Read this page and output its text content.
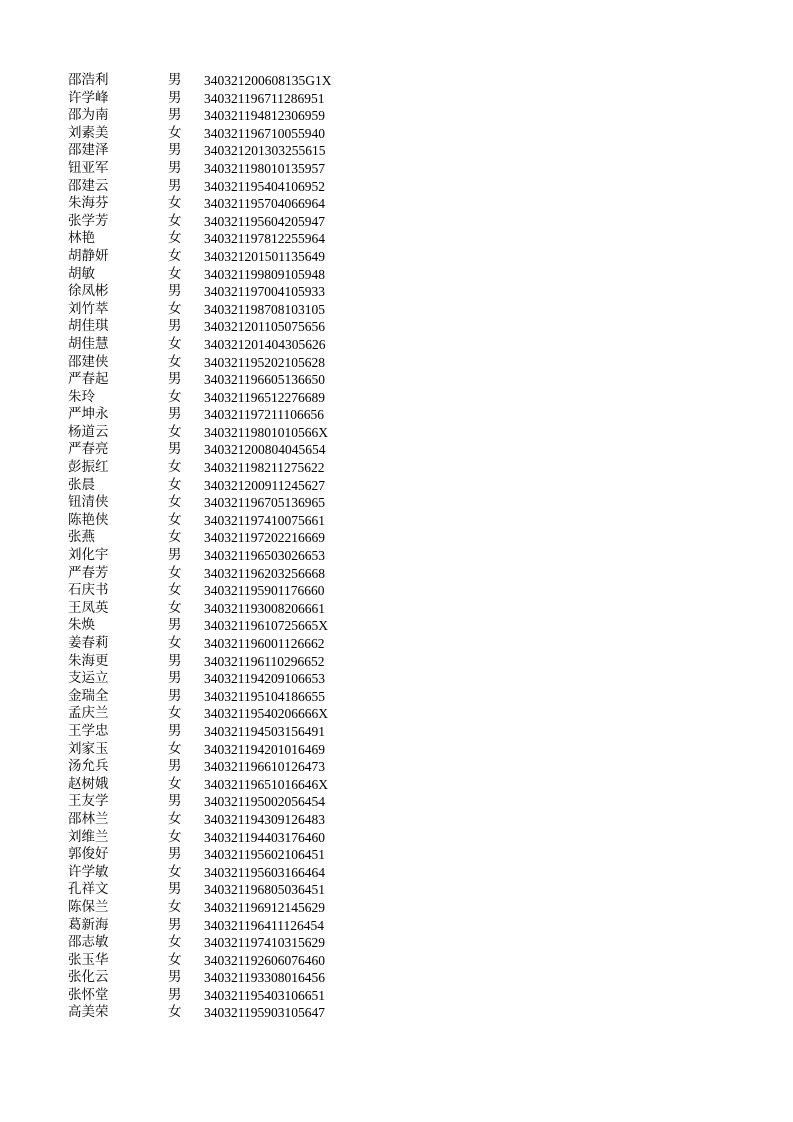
邵浩利	男	340321200608135G1X
许学峰	男	340321196711286951
邵为南	男	340321194812306959
刘素美	女	340321196710055940
邵建泽	男	340321201303255615
钮亚军	男	340321198010135957
邵建云	男	340321195404106952
朱海芬	女	340321195704066964
张学芳	女	340321195604205947
林艳	女	340321197812255964
胡静妍	女	340321201501135649
胡敏	女	340321199809105948
徐凤彬	男	340321197004105933
刘竹萃	女	340321198708103105
胡佳琪	男	340321201105075656
胡佳慧	女	340321201404305626
邵建侠	女	340321195202105628
严春起	男	340321196605136650
朱玲	女	340321196512276689
严坤永	男	340321197211106656
杨道云	女	34032119801010566X
严春亮	男	340321200804045654
彭振红	女	340321198211275622
张晨	女	340321200911245627
钮清侠	女	340321196705136965
陈艳侠	女	340321197410075661
张燕	女	340321197202216669
刘化宇	男	340321196503026653
严春芳	女	340321196203256668
石庆书	女	340321195901176660
王凤英	女	340321193008206661
朱焕	男	34032119610725665X
姜春莉	女	340321196001126662
朱海更	男	340321196110296652
支运立	男	340321194209106653
金瑞全	男	340321195104186655
孟庆兰	女	34032119540206666X
王学忠	男	340321194503156491
刘家玉	女	340321194201016469
汤允兵	男	340321196610126473
赵树娥	女	34032119651016646X
王友学	男	340321195002056454
邵林兰	女	340321194309126483
刘维兰	女	340321194403176460
郭俊好	男	340321195602106451
许学敏	女	340321195603166464
孔祥文	男	340321196805036451
陈保兰	女	340321196912145629
葛新海	男	340321196411126454
邵志敏	女	340321197410315629
张玉华	女	340321192606076460
张化云	男	340321193308016456
张怀堂	男	340321195403106651
高美荣	女	340321195903105647
